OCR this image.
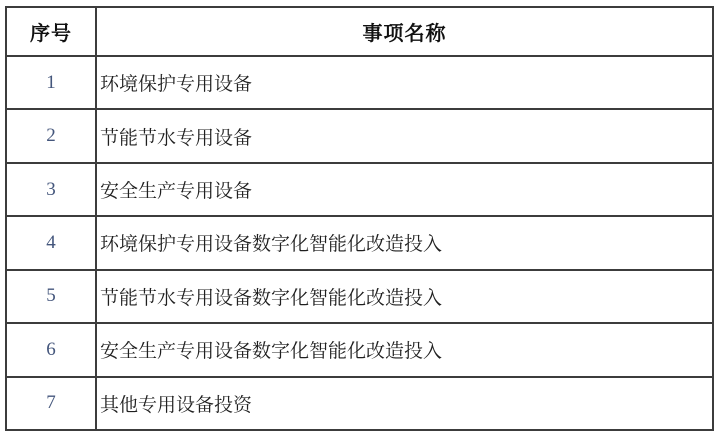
序号	事项名称
1	环境保护专用设备
2	节能节水专用设备
3	安全生产专用设备
4	环境保护专用设备数字化智能化改造投入
5	节能节水专用设备数字化智能化改造投入
6	安全生产专用设备数字化智能化改造投入
7	其他专用设备投资
